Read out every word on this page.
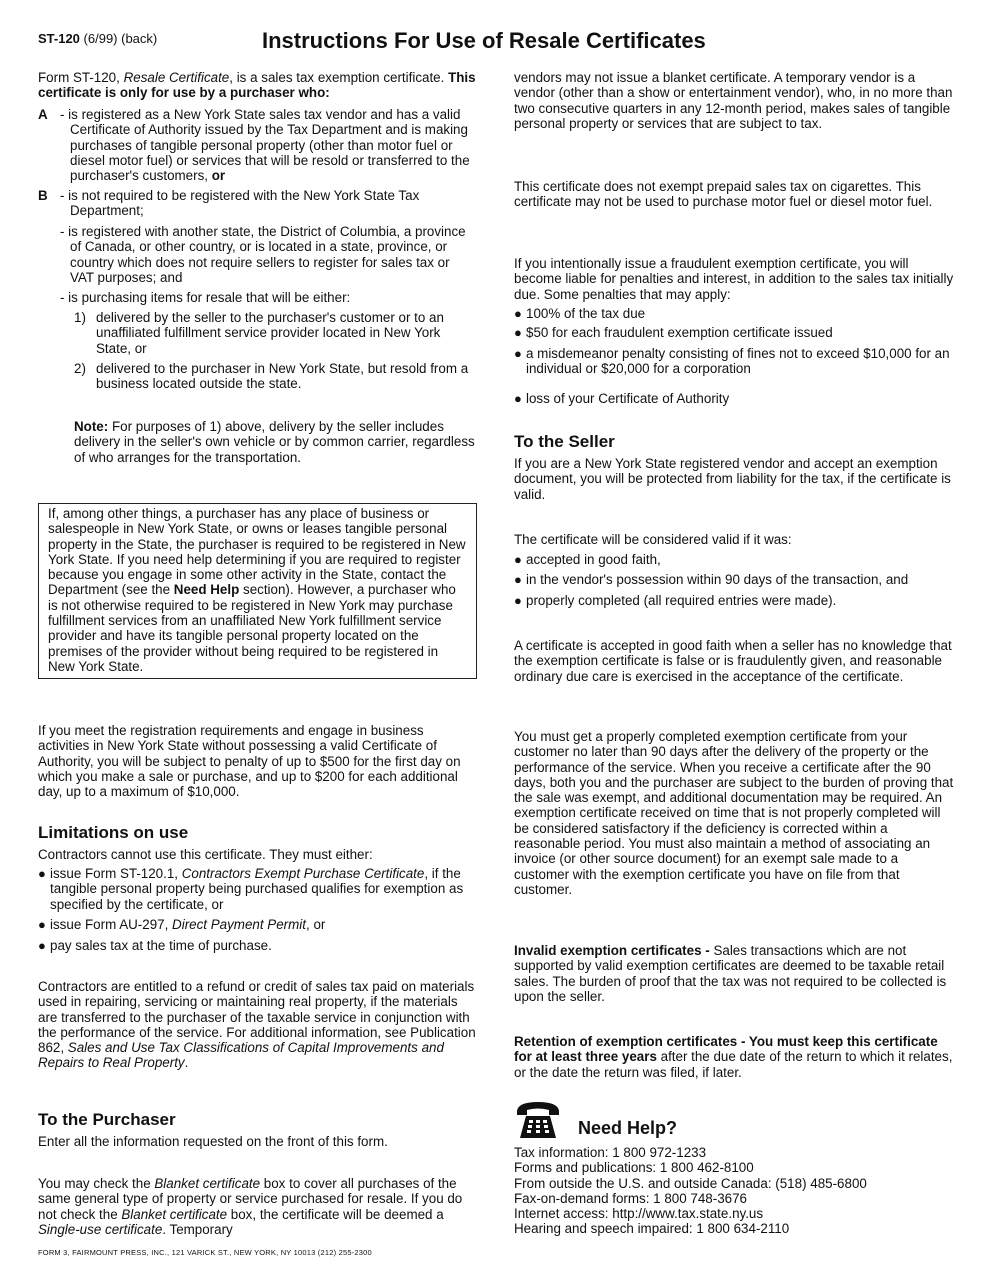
ST-120 (6/99) (back)	Instructions For Use of Resale Certificates

Form ST-120, Resale Certificate, is a sales tax exemption certificate. This certificate is only for use by a purchaser who:

A - is registered as a New York State sales tax vendor and has a valid Certificate of Authority issued by the Tax Department and is making purchases of tangible personal property (other than motor fuel or diesel motor fuel) or services that will be resold or transferred to the purchaser's customers, or

B - is not required to be registered with the New York State Tax Department;

- is registered with another state, the District of Columbia, a province of Canada, or other country, or is located in a state, province, or country which does not require sellers to register for sales tax or VAT purposes; and

- is purchasing items for resale that will be either:

1) delivered by the seller to the purchaser's customer or to an unaffiliated fulfillment service provider located in New York State, or

2) delivered to the purchaser in New York State, but resold from a business located outside the state.

Note: For purposes of 1) above, delivery by the seller includes delivery in the seller's own vehicle or by common carrier, regardless of who arranges for the transportation.

If, among other things, a purchaser has any place of business or salespeople in New York State, or owns or leases tangible personal property in the State, the purchaser is required to be registered in New York State. If you need help determining if you are required to register because you engage in some other activity in the State, contact the Department (see the Need Help section). However, a purchaser who is not otherwise required to be registered in New York may purchase fulfillment services from an unaffiliated New York fulfillment service provider and have its tangible personal property located on the premises of the provider without being required to be registered in New York State.

If you meet the registration requirements and engage in business activities in New York State without possessing a valid Certificate of Authority, you will be subject to penalty of up to $500 for the first day on which you make a sale or purchase, and up to $200 for each additional day, up to a maximum of $10,000.

Limitations on use

Contractors cannot use this certificate. They must either:

● issue Form ST-120.1, Contractors Exempt Purchase Certificate, if the tangible personal property being purchased qualifies for exemption as specified by the certificate, or

● issue Form AU-297, Direct Payment Permit, or

● pay sales tax at the time of purchase.

Contractors are entitled to a refund or credit of sales tax paid on materials used in repairing, servicing or maintaining real property, if the materials are transferred to the purchaser of the taxable service in conjunction with the performance of the service. For additional information, see Publication 862, Sales and Use Tax Classifications of Capital Improvements and Repairs to Real Property.

To the Purchaser

Enter all the information requested on the front of this form.

You may check the Blanket certificate box to cover all purchases of the same general type of property or service purchased for resale. If you do not check the Blanket certificate box, the certificate will be deemed a Single-use certificate. Temporary

vendors may not issue a blanket certificate. A temporary vendor is a vendor (other than a show or entertainment vendor), who, in no more than two consecutive quarters in any 12-month period, makes sales of tangible personal property or services that are subject to tax.

This certificate does not exempt prepaid sales tax on cigarettes. This certificate may not be used to purchase motor fuel or diesel motor fuel.

If you intentionally issue a fraudulent exemption certificate, you will become liable for penalties and interest, in addition to the sales tax initially due. Some penalties that may apply:

● 100% of the tax due

● $50 for each fraudulent exemption certificate issued

● a misdemeanor penalty consisting of fines not to exceed $10,000 for an individual or $20,000 for a corporation

● loss of your Certificate of Authority

To the Seller

If you are a New York State registered vendor and accept an exemption document, you will be protected from liability for the tax, if the certificate is valid.

The certificate will be considered valid if it was:

● accepted in good faith,

● in the vendor's possession within 90 days of the transaction, and

● properly completed (all required entries were made).

A certificate is accepted in good faith when a seller has no knowledge that the exemption certificate is false or is fraudulently given, and reasonable ordinary due care is exercised in the acceptance of the certificate.

You must get a properly completed exemption certificate from your customer no later than 90 days after the delivery of the property or the performance of the service. When you receive a certificate after the 90 days, both you and the purchaser are subject to the burden of proving that the sale was exempt, and additional documentation may be required. An exemption certificate received on time that is not properly completed will be considered satisfactory if the deficiency is corrected within a reasonable period. You must also maintain a method of associating an invoice (or other source document) for an exempt sale made to a customer with the exemption certificate you have on file from that customer.

Invalid exemption certificates - Sales transactions which are not supported by valid exemption certificates are deemed to be taxable retail sales. The burden of proof that the tax was not required to be collected is upon the seller.

Retention of exemption certificates - You must keep this certificate for at least three years after the due date of the return to which it relates, or the date the return was filed, if later.

Need Help?

Tax information: 1 800 972-1233

Forms and publications: 1 800 462-8100

From outside the U.S. and outside Canada: (518) 485-6800

Fax-on-demand forms: 1 800 748-3676

Internet access: http://www.tax.state.ny.us

Hearing and speech impaired: 1 800 634-2110

FORM 3, FAIRMOUNT PRESS, INC., 121 VARICK ST., NEW YORK, NY 10013 (212) 255-2300
